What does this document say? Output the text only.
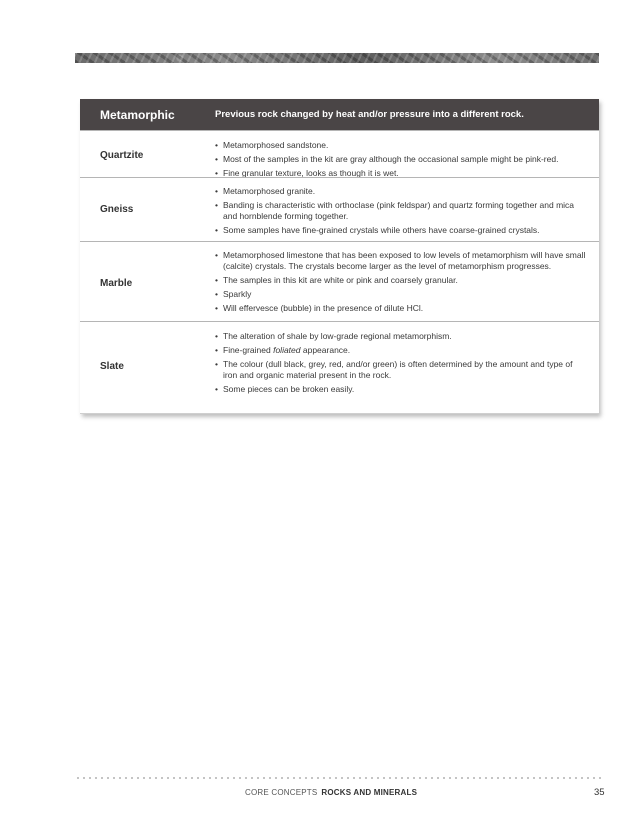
Metamorphic	Previous rock changed by heat and/or pressure into a different rock.
Quartzite
• Metamorphosed sandstone.
• Most of the samples in the kit are gray although the occasional sample might be pink-red.
• Fine granular texture, looks as though it is wet.
Gneiss
• Metamorphosed granite.
• Banding is characteristic with orthoclase (pink feldspar) and quartz forming together and mica and hornblende forming together.
• Some samples have fine-grained crystals while others have coarse-grained crystals.
Marble
• Metamorphosed limestone that has been exposed to low levels of metamorphism will have small (calcite) crystals. The crystals become larger as the level of metamorphism progresses.
• The samples in this kit are white or pink and coarsely granular.
• Sparkly
• Will effervesce (bubble) in the presence of dilute HCl.
Slate
• The alteration of shale by low-grade regional metamorphism.
• Fine-grained foliated appearance.
• The colour (dull black, grey, red, and/or green) is often determined by the amount and type of iron and organic material present in the rock.
• Some pieces can be broken easily.
CORE CONCEPTS ROCKS AND MINERALS	35
